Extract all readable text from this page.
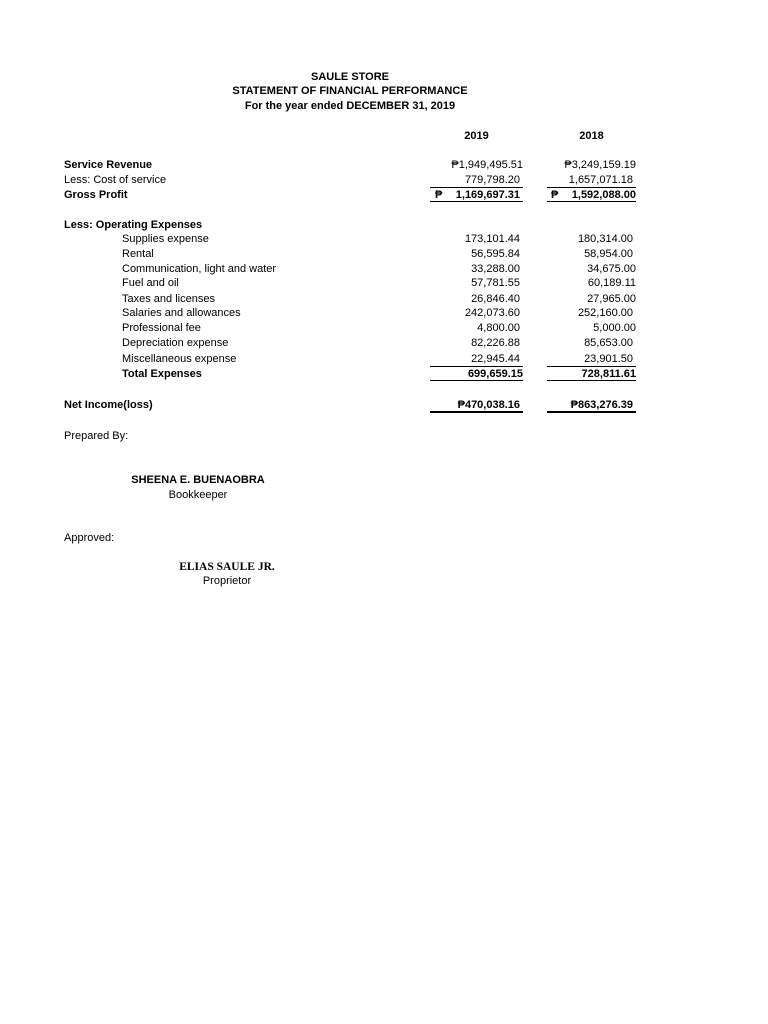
SAULE STORE
STATEMENT OF FINANCIAL PERFORMANCE
For the year ended DECEMBER 31, 2019
2019	2018
Service Revenue	₱1,949,495.51	₱3,249,159.19
Less: Cost of service	779,798.20	1,657,071.18
Gross Profit	₱	1,169,697.31	₱	1,592,088.00
Less: Operating Expenses
Supplies expense	173,101.44	180,314.00
Rental	56,595.84	58,954.00
Communication, light and water	33,288.00	34,675.00
Fuel and oil	57,781.55	60,189.11
Taxes and licenses	26,846.40	27,965.00
Salaries and allowances	242,073.60	252,160.00
Professional fee	4,800.00	5,000.00
Depreciation expense	82,226.88	85,653.00
Miscellaneous expense	22,945.44	23,901.50
Total Expenses	699,659.15	728,811.61
Net Income(loss)	₱470,038.16	₱863,276.39
Prepared By:
SHEENA E. BUENAOBRA
Bookkeeper
Approved:
ELIAS SAULE JR.
Proprietor
